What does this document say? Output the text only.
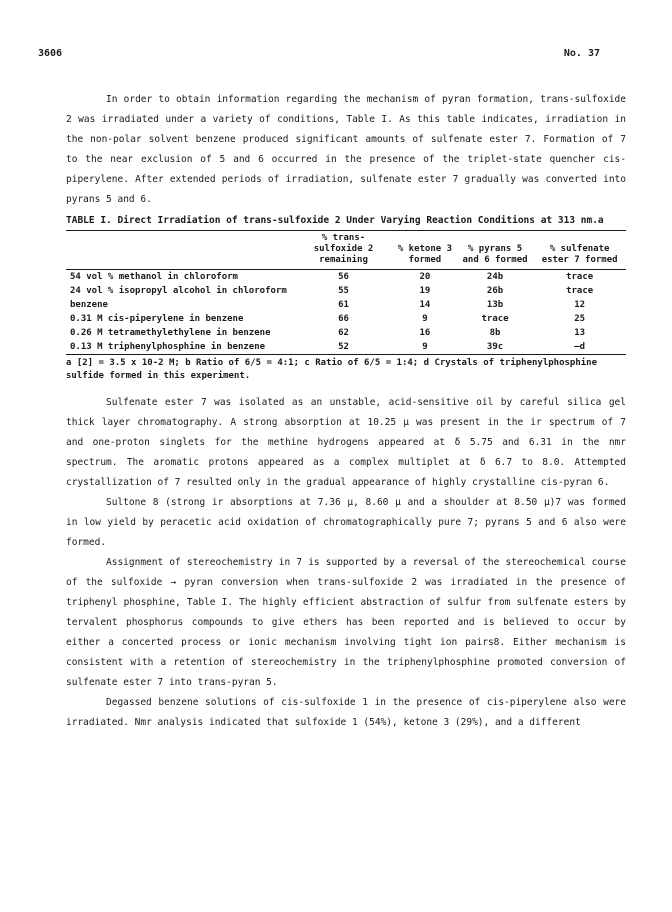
3606	No. 37

In order to obtain information regarding the mechanism of pyran formation, trans-sulfoxide 2 was irradiated under a variety of conditions, Table I. As this table indicates, irradiation in the non-polar solvent benzene produced significant amounts of sulfenate ester 7. Formation of 7 to the near exclusion of 5 and 6 occurred in the presence of the triplet-state quencher cis-piperylene. After extended periods of irradiation, sulfenate ester 7 gradually was converted into pyrans 5 and 6.

TABLE I. Direct Irradiation of trans-sulfoxide 2 Under Varying Reaction Conditions at 313 nm.a
	% trans-sulfoxide 2 remaining	% ketone 3 formed	% pyrans 5 and 6 formed	% sulfenate ester 7 formed
54 vol % methanol in chloroform	56	20	24b	trace
24 vol % isopropyl alcohol in chloroform	55	19	26b	trace
benzene	61	14	13b	12
0.31 M cis-piperylene in benzene	66	9	trace	25
0.26 M tetramethylethylene in benzene	62	16	8b	13
0.13 M triphenylphosphine in benzene	52	9	39c	—d
a [2] = 3.5 x 10-2 M; b Ratio of 6/5 = 4:1; c Ratio of 6/5 = 1:4; d Crystals of triphenylphosphine sulfide formed in this experiment.

Sulfenate ester 7 was isolated as an unstable, acid-sensitive oil by careful silica gel thick layer chromatography. A strong absorption at 10.25 μ was present in the ir spectrum of 7 and one-proton singlets for the methine hydrogens appeared at δ 5.75 and 6.31 in the nmr spectrum. The aromatic protons appeared as a complex multiplet at δ 6.7 to 8.0. Attempted crystallization of 7 resulted only in the gradual appearance of highly crystalline cis-pyran 6.

Sultone 8 (strong ir absorptions at 7.36 μ, 8.60 μ and a shoulder at 8.50 μ)7 was formed in low yield by peracetic acid oxidation of chromatographically pure 7; pyrans 5 and 6 also were formed.

Assignment of stereochemistry in 7 is supported by a reversal of the stereochemical course of the sulfoxide → pyran conversion when trans-sulfoxide 2 was irradiated in the presence of triphenyl phosphine, Table I. The highly efficient abstraction of sulfur from sulfenate esters by tervalent phosphorus compounds to give ethers has been reported and is believed to occur by either a concerted process or ionic mechanism involving tight ion pairs8. Either mechanism is consistent with a retention of stereochemistry in the triphenylphosphine promoted conversion of sulfenate ester 7 into trans-pyran 5.

Degassed benzene solutions of cis-sulfoxide 1 in the presence of cis-piperylene also were irradiated. Nmr analysis indicated that sulfoxide 1 (54%), ketone 3 (29%), and a different
